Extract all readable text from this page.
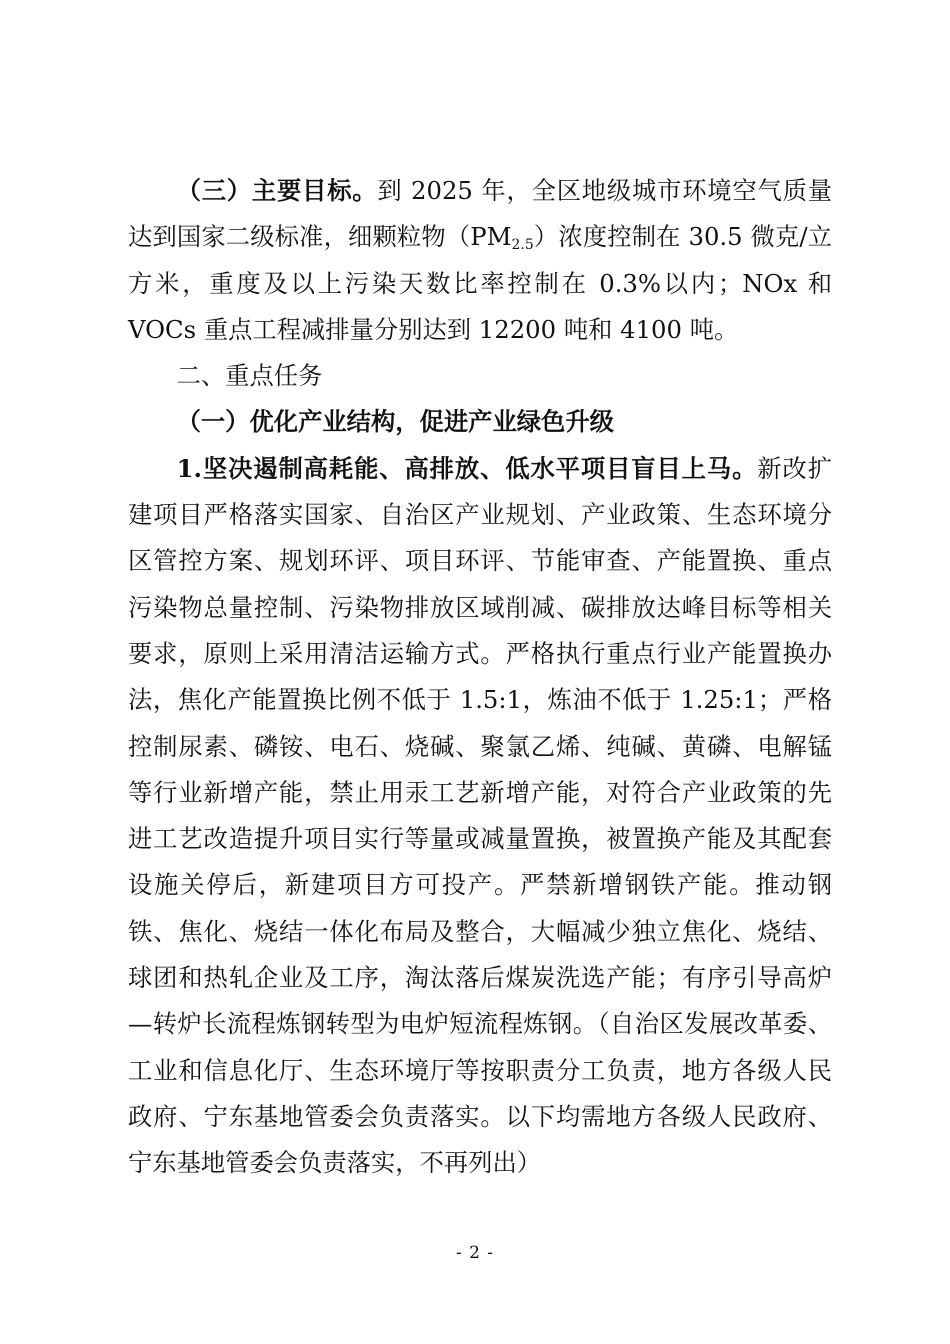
（三）主要目标。到 2025 年，全区地级城市环境空气质量达到国家二级标准，细颗粒物$(PM_{2.5})$浓度控制在 30.5 微克/立方米，重度及以上污染天数比率控制在 0.3%以内；NOx 和 VOCs 重点工程减排量分别达到 12200 吨和 4100 吨。

二、重点任务

（一）优化产业结构，促进产业绿色升级

1.坚决遏制高耗能、高排放、低水平项目盲目上马。新改扩建项目严格落实国家、自治区产业规划、产业政策、生态环境分区管控方案、规划环评、项目环评、节能审查、产能置换、重点污染物总量控制、污染物排放区域削减、碳排放达峰目标等相关要求，原则上采用清洁运输方式。严格执行重点行业产能置换办法，焦化产能置换比例不低于 1.5:1，炼油不低于 1.25:1；严格控制尿素、磷铵、电石、烧碱、聚氯乙烯、纯碱、黄磷、电解锰等行业新增产能，禁止用汞工艺新增产能，对符合产业政策的先进工艺改造提升项目实行等量或减量置换，被置换产能及其配套设施关停后，新建项目方可投产。严禁新增钢铁产能。推动钢铁、焦化、烧结一体化布局及整合，大幅减少独立焦化、烧结、球团和热轧企业及工序，淘汰落后煤炭洗选产能；有序引导高炉—转炉长流程炼钢转型为电炉短流程炼钢。（自治区发展改革委、工业和信息化厅、生态环境厅等按职责分工负责，地方各级人民政府、宁东基地管委会负责落实。以下均需地方各级人民政府、宁东基地管委会负责落实，不再列出）

- 2 -
